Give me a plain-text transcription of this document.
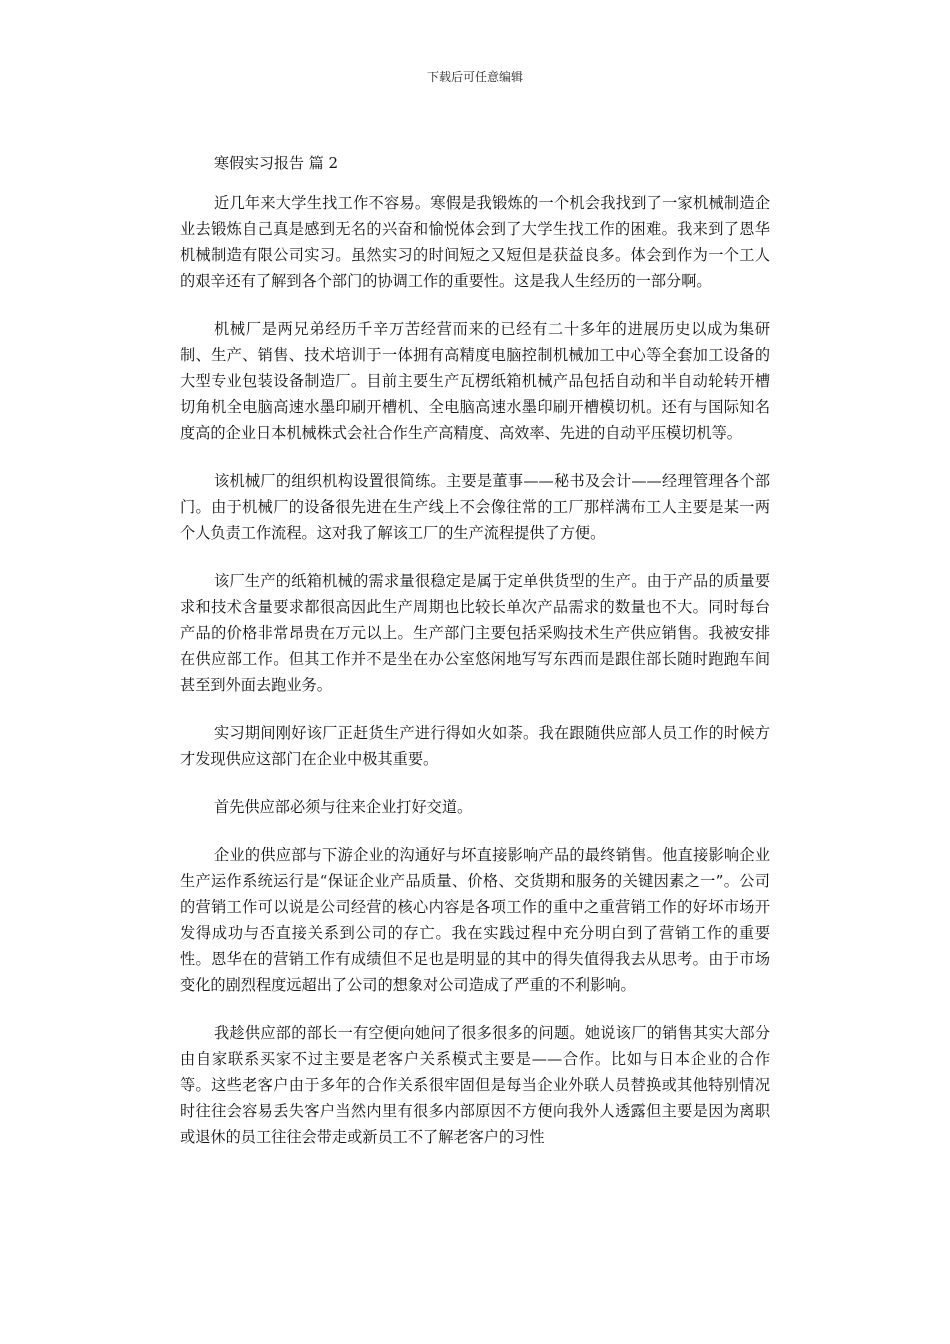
下载后可任意编辑
寒假实习报告 篇 2

近几年来大学生找工作不容易。寒假是我锻炼的一个机会我找到了一家机械制造企业去锻炼自己真是感到无名的兴奋和愉悦体会到了大学生找工作的困难。我来到了恩华机械制造有限公司实习。虽然实习的时间短之又短但是获益良多。体会到作为一个工人的艰辛还有了解到各个部门的协调工作的重要性。这是我人生经历的一部分啊。

机械厂是两兄弟经历千辛万苦经营而来的已经有二十多年的进展历史以成为集研制、生产、销售、技术培训于一体拥有高精度电脑控制机械加工中心等全套加工设备的大型专业包装设备制造厂。目前主要生产瓦楞纸箱机械产品包括自动和半自动轮转开槽切角机全电脑高速水墨印刷开槽机、全电脑高速水墨印刷开槽模切机。还有与国际知名度高的企业日本机械株式会社合作生产高精度、高效率、先进的自动平压模切机等。

该机械厂的组织机构设置很简练。主要是董事——秘书及会计——经理管理各个部门。由于机械厂的设备很先进在生产线上不会像往常的工厂那样满布工人主要是某一两个人负责工作流程。这对我了解该工厂的生产流程提供了方便。

该厂生产的纸箱机械的需求量很稳定是属于定单供货型的生产。由于产品的质量要求和技术含量要求都很高因此生产周期也比较长单次产品需求的数量也不大。同时每台产品的价格非常昂贵在万元以上。生产部门主要包括采购技术生产供应销售。我被安排在供应部工作。但其工作并不是坐在办公室悠闲地写写东西而是跟住部长随时跑跑车间甚至到外面去跑业务。

实习期间刚好该厂正赶货生产进行得如火如荼。我在跟随供应部人员工作的时候方才发现供应这部门在企业中极其重要。

首先供应部必须与往来企业打好交道。

企业的供应部与下游企业的沟通好与坏直接影响产品的最终销售。他直接影响企业生产运作系统运行是“保证企业产品质量、价格、交货期和服务的关键因素之一”。公司的营销工作可以说是公司经营的核心内容是各项工作的重中之重营销工作的好坏市场开发得成功与否直接关系到公司的存亡。我在实践过程中充分明白到了营销工作的重要性。恩华在的营销工作有成绩但不足也是明显的其中的得失值得我去从思考。由于市场变化的剧烈程度远超出了公司的想象对公司造成了严重的不利影响。

我趁供应部的部长一有空便向她问了很多很多的问题。她说该厂的销售其实大部分由自家联系买家不过主要是老客户关系模式主要是——合作。比如与日本企业的合作等。这些老客户由于多年的合作关系很牢固但是每当企业外联人员替换或其他特别情况时往往会容易丢失客户当然内里有很多内部原因不方便向我外人透露但主要是因为离职或退休的员工往往会带走或新员工不了解老客户的习性
